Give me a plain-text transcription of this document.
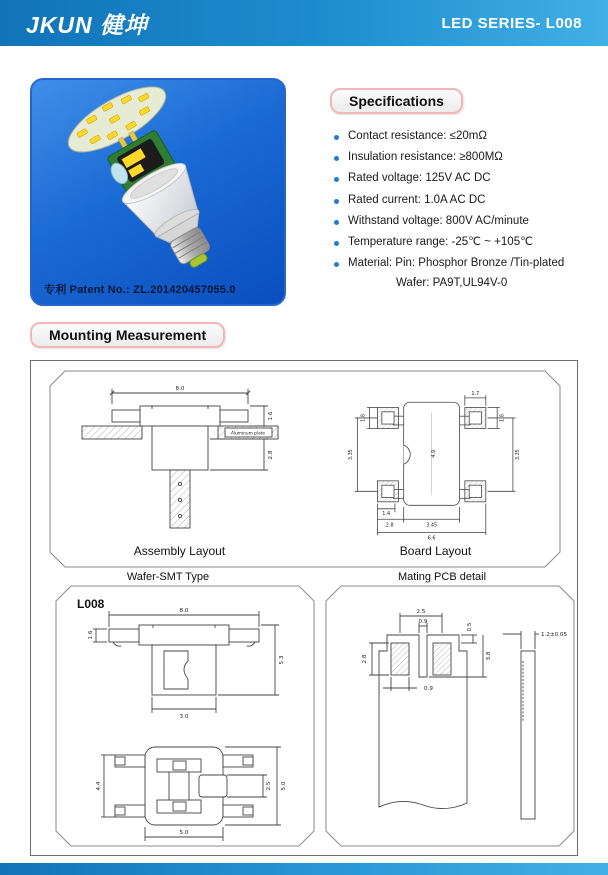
JKUN 健坤	LED SERIES- L008
专利 Patent No.: ZL.201420457055.0
Specifications
Contact resistance: ≤20mΩ
Insulation resistance: ≥800MΩ
Rated voltage: 125V AC DC
Rated current: 1.0A AC DC
Withstand voltage: 800V AC/minute
Temperature range: -25℃ ~ +105℃
Material: Pin: Phosphor Bronze /Tin-plated
Wafer: PA9T,UL94V-0
Mounting Measurement
8.0
1.6
2.8
Aluminum plate
Assembly Layout
1.8
3.35
1.7
1.8
3.35
4.9
1.4
2.8	3.45
6.6
Board Layout
Wafer-SMT Type	Mating PCB detail
L008	8.0
1.6
5.3
3.0
4.4	2.5 5.0
5.0
2.5
0.9
0.5
2.8	3.8
0.9
1.2±0.05
